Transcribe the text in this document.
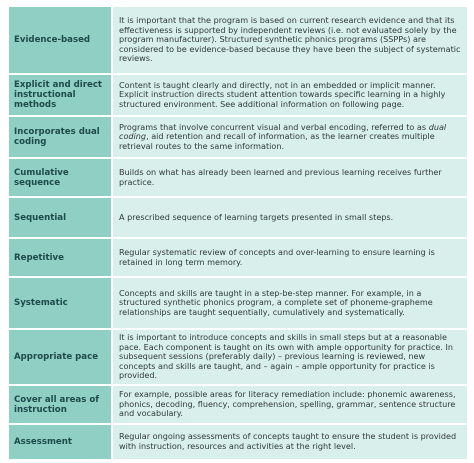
Evidence-based
It is important that the program is based on current research evidence and that its effectiveness is supported by independent reviews (i.e. not evaluated solely by the program manufacturer). Structured synthetic phonics programs (SSPPs) are considered to be evidence-based because they have been the subject of systematic reviews.
Explicit and direct instructional methods
Content is taught clearly and directly, not in an embedded or implicit manner. Explicit instruction directs student attention towards specific learning in a highly structured environment. See additional information on following page.
Incorporates dual coding
Programs that involve concurrent visual and verbal encoding, referred to as dual coding, aid retention and recall of information, as the learner creates multiple retrieval routes to the same information.
Cumulative sequence
Builds on what has already been learned and previous learning receives further practice.
Sequential	A prescribed sequence of learning targets presented in small steps.
Repetitive
Regular systematic review of concepts and over-learning to ensure learning is retained in long term memory.
Systematic
Concepts and skills are taught in a step-be-step manner. For example, in a structured synthetic phonics program, a complete set of phoneme-grapheme relationships are taught sequentially, cumulatively and systematically.
Appropriate pace
It is important to introduce concepts and skills in small steps but at a reasonable pace. Each component is taught on its own with ample opportunity for practice. In subsequent sessions (preferably daily) – previous learning is reviewed, new concepts and skills are taught, and – again – ample opportunity for practice is provided.
Cover all areas of instruction
For example, possible areas for literacy remediation include: phonemic awareness, phonics, decoding, fluency, comprehension, spelling, grammar, sentence structure and vocabulary.
Assessment
Regular ongoing assessments of concepts taught to ensure the student is provided with instruction, resources and activities at the right level.
